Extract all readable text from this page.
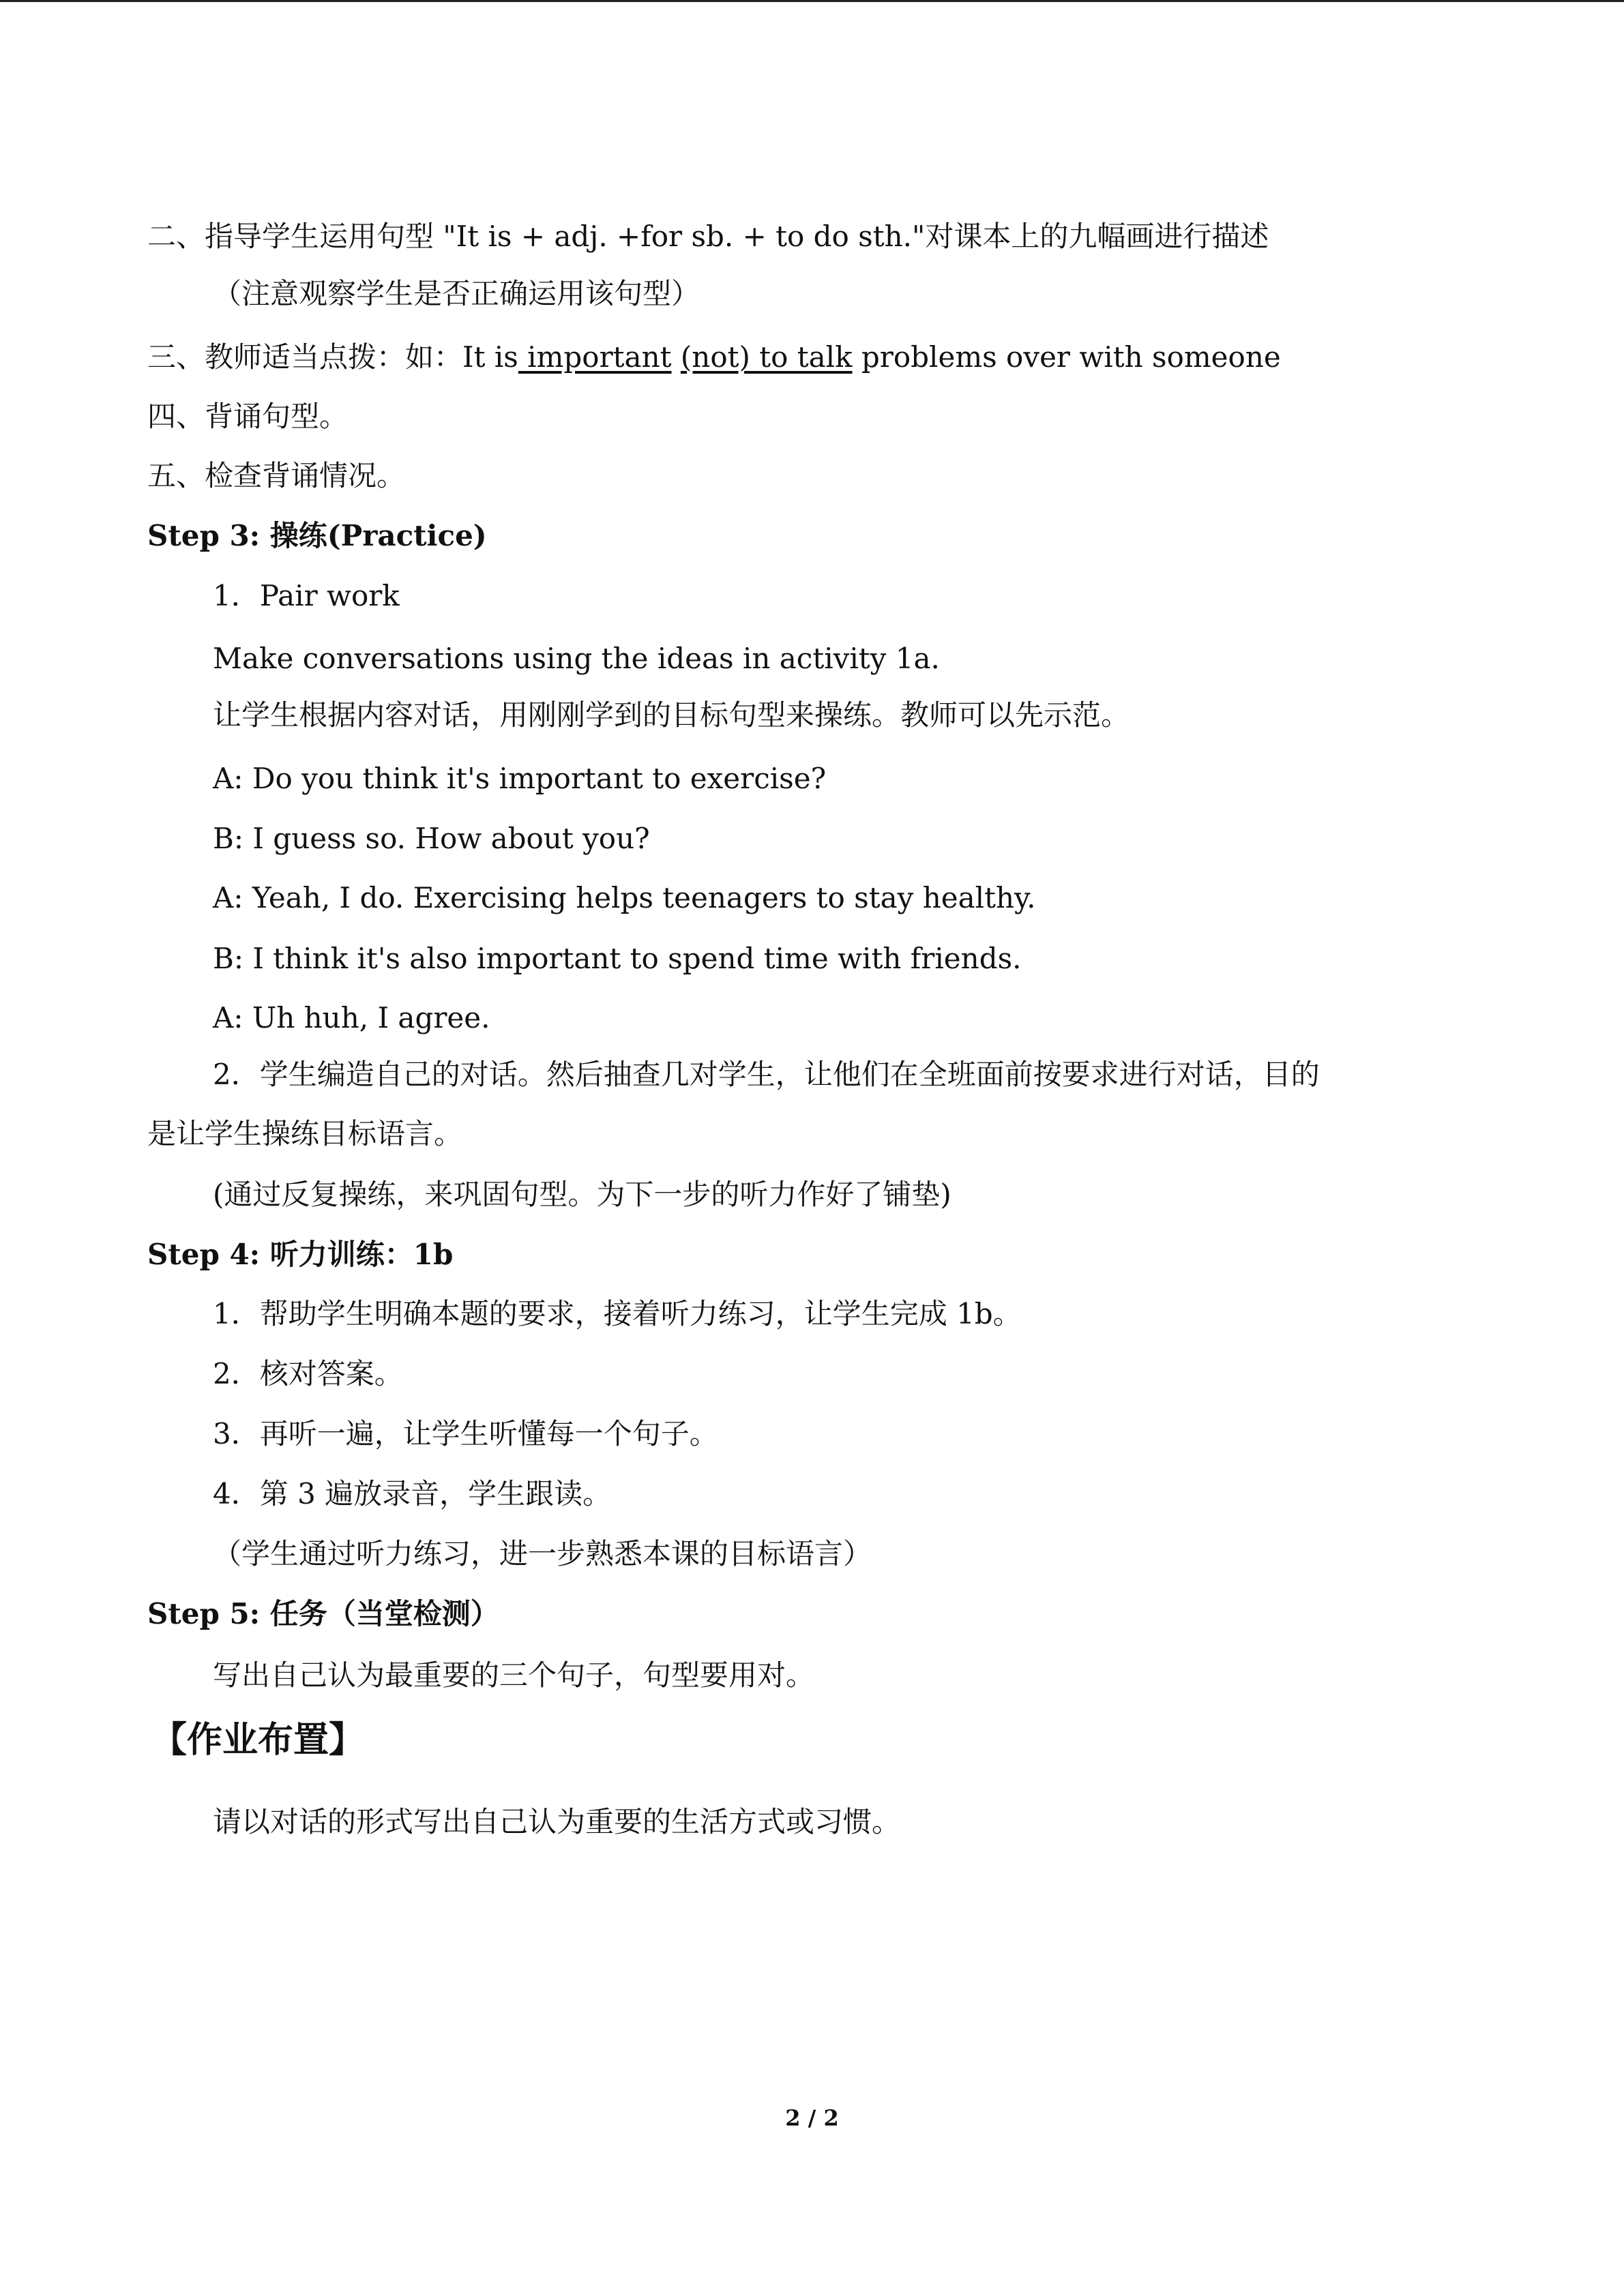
二、指导学生运用句型 "It is + adj. +for sb. + to do sth."对课本上的九幅画进行描述
（注意观察学生是否正确运用该句型）
三、教师适当点拨：如：It is important (not) to talk problems over with someone
四、背诵句型。
五、检查背诵情况。
Step 3: 操练(Practice)
1．Pair work
Make conversations using the ideas in activity 1a.
让学生根据内容对话，用刚刚学到的目标句型来操练。教师可以先示范。
A: Do you think it's important to exercise?
B: I guess so. How about you?
A: Yeah, I do. Exercising helps teenagers to stay healthy.
B: I think it's also important to spend time with friends.
A: Uh huh, I agree.
2．学生编造自己的对话。然后抽查几对学生，让他们在全班面前按要求进行对话，目的
是让学生操练目标语言。
(通过反复操练，来巩固句型。为下一步的听力作好了铺垫)
Step 4: 听力训练：1b
1．帮助学生明确本题的要求，接着听力练习，让学生完成 1b。
2．核对答案。
3．再听一遍，让学生听懂每一个句子。
4．第 3 遍放录音，学生跟读。
（学生通过听力练习，进一步熟悉本课的目标语言）
Step 5: 任务（当堂检测）
写出自己认为最重要的三个句子，句型要用对。
【作业布置】
请以对话的形式写出自己认为重要的生活方式或习惯。
2 / 2
